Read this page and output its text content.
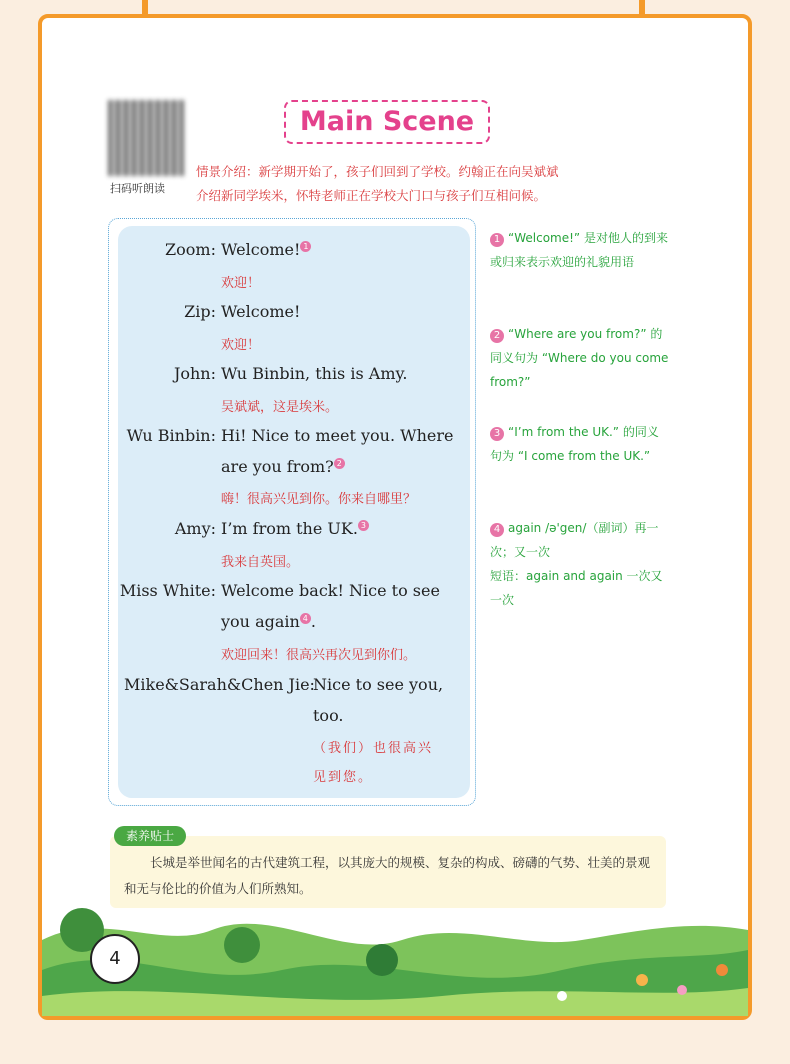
扫码听朗读
Main Scene
情景介绍：新学期开始了，孩子们回到了学校。约翰正在向吴斌斌
介绍新同学埃米，怀特老师正在学校大门口与孩子们互相问候。
Zoom: Welcome! 1
欢迎！
Zip: Welcome!
欢迎！
John: Wu Binbin, this is Amy.
吴斌斌，这是埃米。
Wu Binbin: Hi! Nice to meet you. Where
are you from? 2
嗨！很高兴见到你。你来自哪里？
Amy: I’m from the UK. 3
我来自英国。
Miss White: Welcome back! Nice to see
you again 4 .
欢迎回来！很高兴再次见到你们。
Mike&Sarah&Chen Jie:
Nice to see you,
too.
（我们）也很高兴
见到您。
1 “Welcome!” 是对他人的到来或归来表示欢迎的礼貌用语
2 “Where are you from?” 的同义句为 “Where do you come from?”
3 “I’m from the UK.” 的同义句为 “I come from the UK.”
4 again /ə'gen/（副词）再一次；又一次
短语：again and again 一次又一次
长城是举世闻名的古代建筑工程，以其庞大的规模、复杂的构成、磅礴的气势、壮美的景观和无与伦比的价值为人们所熟知。
素养贴士
4
